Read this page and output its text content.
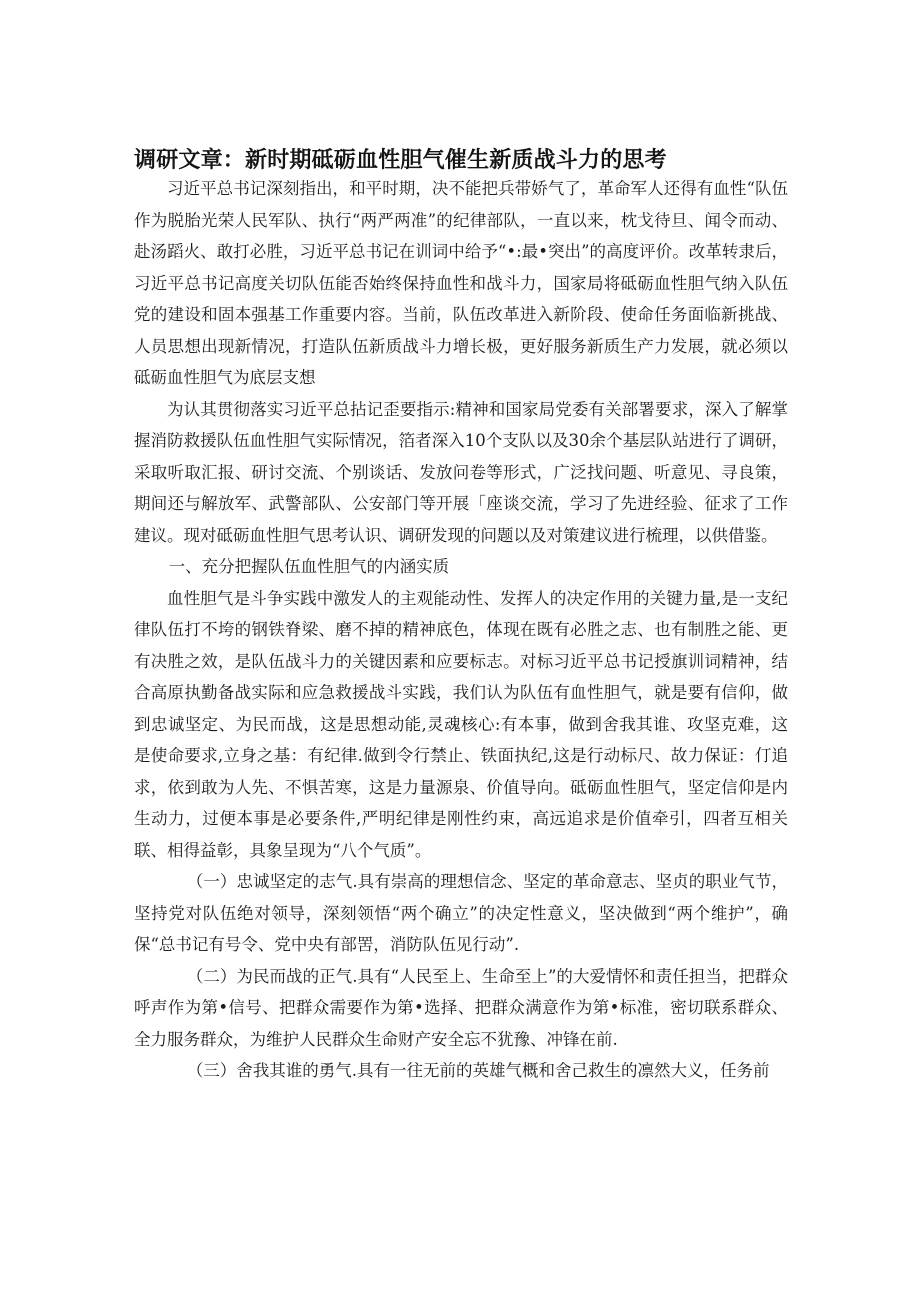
调研文章：新时期砥砺血性胆气催生新质战斗力的思考

习近平总书记深刻指出，和平时期，决不能把兵带娇气了，革命军人还得有血性“队伍作为脱胎光荣人民军队、执行“两严两准”的纪律部队，一直以来，枕戈待旦、闻令而动、赴汤蹈火、敢打必胜，习近平总书记在训词中给予“•:最•突出”的高度评价。改革转隶后，习近平总书记高度关切队伍能否始终保持血性和战斗力，国家局将砥砺血性胆气纳入队伍党的建设和固本强基工作重要内容。当前，队伍改革进入新阶段、使命任务面临新挑战、人员思想出现新情况，打造队伍新质战斗力增长极，更好服务新质生产力发展，就必须以砥砺血性胆气为底层支想

为认其贯彻落实习近平总拈记歪要指示:精神和国家局党委有关部署要求，深入了解掌握消防救援队伍血性胆气实际情况，箔者深入10个支队以及30余个基层队站进行了调研，采取听取汇报、研讨交流、个别谈话、发放问卷等形式，广泛找问题、听意见、寻良策，期间还与解放军、武警部队、公安部门等开展「座谈交流，学习了先进经验、征求了工作建议。现对砥砺血性胆气思考认识、调研发现的问题以及对策建议进行梳理，以供借鉴。

一、充分把握队伍血性胆气的内涵实质

血性胆气是斗争实践中激发人的主观能动性、发挥人的决定作用的关键力量,是一支纪律队伍打不垮的钢铁脊梁、磨不掉的精神底色，体现在既有必胜之志、也有制胜之能、更有决胜之效，是队伍战斗力的关键因素和应要标志。对标习近平总书记授旗训词精神，结合高原执勤备战实际和应急救援战斗实践，我们认为队伍有血性胆气，就是要有信仰，做到忠诚坚定、为民而战，这是思想动能,灵魂核心:有本事，做到舍我其谁、攻坚克难，这是使命要求,立身之基：有纪律.做到令行禁止、铁面执纪,这是行动标尺、故力保证：仃追求，依到敢为人先、不惧苦寒，这是力量源泉、价值导向。砥砺血性胆气，坚定信仰是内生动力，过便本事是必要条件,严明纪律是刚性约束，高远追求是价值牵引，四者互相关联、相得益彰，具象呈现为“八个气质”。

（一）忠诚坚定的志气.具有崇高的理想信念、坚定的革命意志、坚贞的职业气节，坚持党对队伍绝对领导，深刻领悟“两个确立”的决定性意义，坚决做到“两个维护”，确保“总书记有号令、党中央有部罟，消防队伍见行动”.

（二）为民而战的正气.具有“人民至上、生命至上”的大爱情怀和责任担当，把群众呼声作为第•信号、把群众需要作为第•选择、把群众满意作为第•标准，密切联系群众、全力服务群众，为维护人民群众生命财产安全忘不犹豫、冲锋在前.

（三）舍我其谁的勇气.具有一往无前的英雄气概和舍己救生的凛然大义，任务前
